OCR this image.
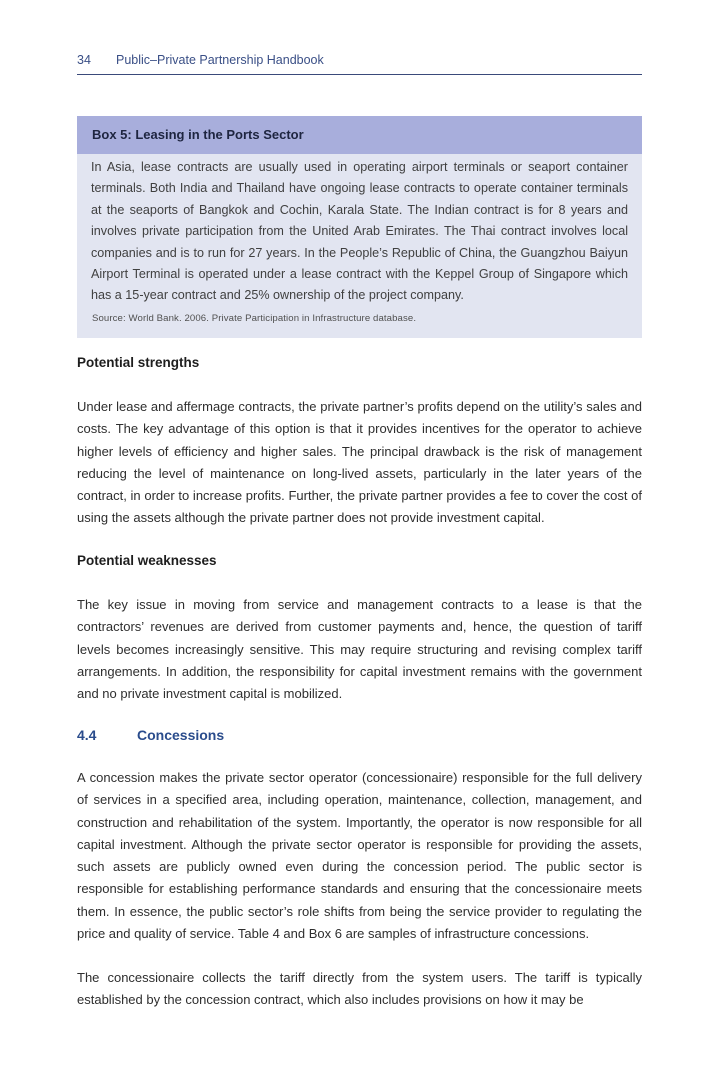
34 Public–Private Partnership Handbook
Box 5: Leasing in the Ports Sector
In Asia, lease contracts are usually used in operating airport terminals or seaport container terminals. Both India and Thailand have ongoing lease contracts to operate container terminals at the seaports of Bangkok and Cochin, Karala State. The Indian contract is for 8 years and involves private participation from the United Arab Emirates. The Thai contract involves local companies and is to run for 27 years. In the People’s Republic of China, the Guangzhou Baiyun Airport Terminal is operated under a lease contract with the Keppel Group of Singapore which has a 15-year contract and 25% ownership of the project company.
Source: World Bank. 2006. Private Participation in Infrastructure database.
Potential strengths
Under lease and affermage contracts, the private partner’s profits depend on the utility’s sales and costs. The key advantage of this option is that it provides incentives for the operator to achieve higher levels of efficiency and higher sales. The principal drawback is the risk of management reducing the level of maintenance on long-lived assets, particularly in the later years of the contract, in order to increase profits. Further, the private partner provides a fee to cover the cost of using the assets although the private partner does not provide investment capital.
Potential weaknesses
The key issue in moving from service and management contracts to a lease is that the contractors’ revenues are derived from customer payments and, hence, the question of tariff levels becomes increasingly sensitive. This may require structuring and revising complex tariff arrangements. In addition, the responsibility for capital investment remains with the government and no private investment capital is mobilized.
4.4	Concessions
A concession makes the private sector operator (concessionaire) responsible for the full delivery of services in a specified area, including operation, maintenance, collection, management, and construction and rehabilitation of the system. Importantly, the operator is now responsible for all capital investment. Although the private sector operator is responsible for providing the assets, such assets are publicly owned even during the concession period. The public sector is responsible for establishing performance standards and ensuring that the concessionaire meets them. In essence, the public sector’s role shifts from being the service provider to regulating the price and quality of service. Table 4 and Box 6 are samples of infrastructure concessions.
The concessionaire collects the tariff directly from the system users. The tariff is typically established by the concession contract, which also includes provisions on how it may be
